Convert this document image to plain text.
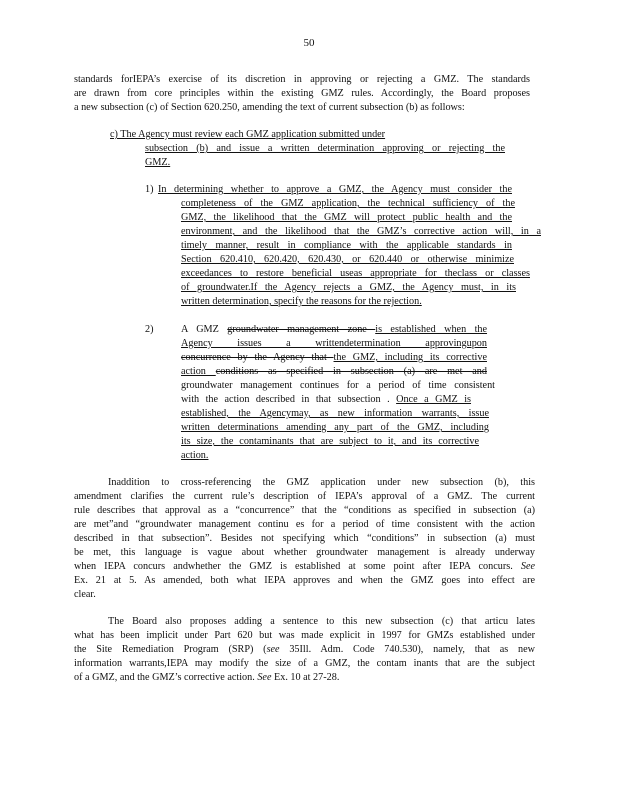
50
standards forIEPA’s exercise of its discretion in approving or rejecting a GMZ. The standards
are drawn from core principles within the existing GMZ rules. Accordingly, the Board proposes
a new subsection (c) of Section 620.250, amending the text of current subsection (b) as follows:
c) The Agency must review each GMZ application submitted under
subsection (b) and issue a written determination approving or rejecting the
GMZ.
1) In determining whether to approve a GMZ, the Agency must consider the
completeness of the GMZ application, the technical sufficiency of the
GMZ, the likelihood that the GMZ will protect public health and the
environment, and the likelihood that the GMZ’s corrective action will, in a
timely manner, result in compliance with the applicable standards in
Section 620.410, 620.420, 620.430, or 620.440 or otherwise minimize
exceedances to restore beneficial useas appropriate for theclass or classes
of groundwater.If the Agency rejects a GMZ, the Agency must, in its
written determination, specify the reasons for the rejection.
2)	A GMZ groundwater management zone is established when the
Agency issues a writtendetermination approvingupon
concurrence by the Agency that the GMZ, including its corrective
action conditions as specified in subsection (a) are met and
groundwater management continues for a period of time consistent
with the action described in that subsection . Once a GMZ is
established, the Agencymay, as new information warrants, issue
written determinations amending any part of the GMZ, including
its size, the contaminants that are subject to it, and its corrective
action.
Inaddition to cross-referencing the GMZ application under new subsection (b), this
amendment clarifies the current rule’s description of IEPA’s approval of a GMZ. The current
rule describes that approval as a “concurrence” that the “conditions as specified in subsection (a)
are met”and “groundwater management continu es for a period of time consistent with the action
described in that subsection”. Besides not specifying which “conditions” in subsection (a) must
be met, this language is vague about whether groundwater management is already underway
when IEPA concurs andwhether the GMZ is established at some point after IEPA concurs. See
Ex. 21 at 5. As amended, both what IEPA approves and when the GMZ goes into effect are
clear.
The Board also proposes adding a sentence to this new subsection (c) that articu lates
what has been implicit under Part 620 but was made explicit in 1997 for GMZs established under
the Site Remediation Program (SRP) (see 35Ill. Adm. Code 740.530), namely, that as new
information warrants,IEPA may modify the size of a GMZ, the contam inants that are the subject
of a GMZ, and the GMZ’s corrective action. See Ex. 10 at 27-28.
